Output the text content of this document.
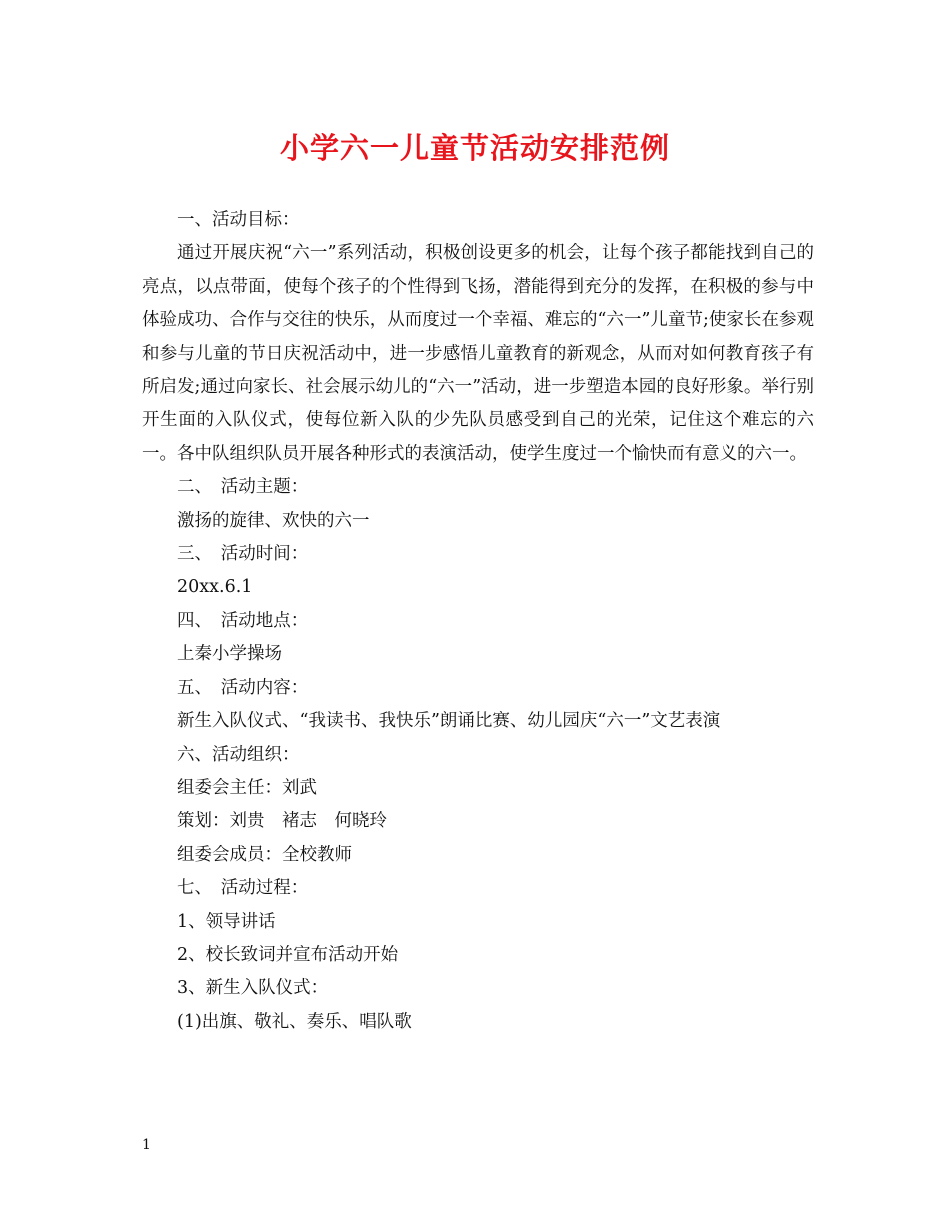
小学六一儿童节活动安排范例

一、活动目标：

通过开展庆祝“六一”系列活动，积极创设更多的机会，让每个孩子都能找到自己的亮点，以点带面，使每个孩子的个性得到飞扬，潜能得到充分的发挥，在积极的参与中体验成功、合作与交往的快乐，从而度过一个幸福、难忘的“六一”儿童节;使家长在参观和参与儿童的节日庆祝活动中，进一步感悟儿童教育的新观念，从而对如何教育孩子有所启发;通过向家长、社会展示幼儿的“六一”活动，进一步塑造本园的良好形象。举行别开生面的入队仪式，使每位新入队的少先队员感受到自己的光荣，记住这个难忘的六一。各中队组织队员开展各种形式的表演活动，使学生度过一个愉快而有意义的六一。

二、　活动主题：

激扬的旋律、欢快的六一

三、　活动时间：

20xx.6.1

四、　活动地点：

上秦小学操场

五、　活动内容：

新生入队仪式、“我读书、我快乐”朗诵比赛、幼儿园庆“六一”文艺表演

六、活动组织：

组委会主任：刘武

策划：刘贵　褚志　何晓玲

组委会成员：全校教师

七、　活动过程：

1、领导讲话

2、校长致词并宣布活动开始

3、新生入队仪式：

(1)出旗、敬礼、奏乐、唱队歌

1
